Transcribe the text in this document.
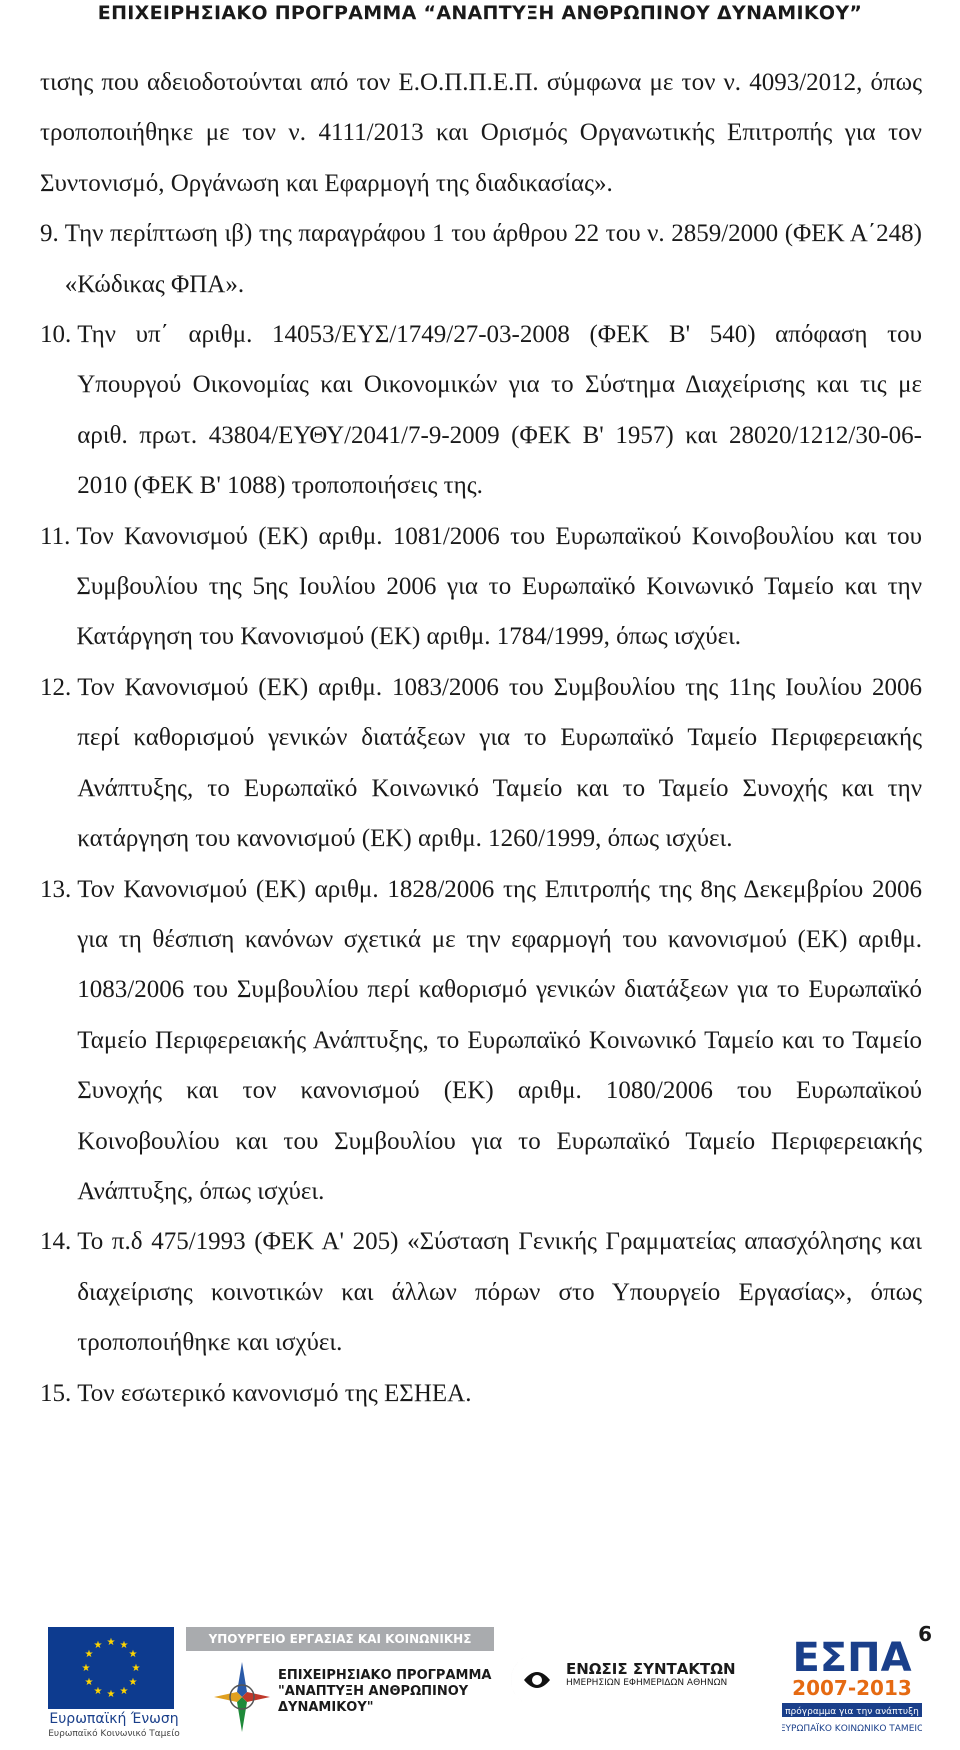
ΕΠΙΧΕΙΡΗΣΙΑΚΟ ΠΡΟΓΡΑΜΜΑ “ΑΝΑΠΤΥΞΗ ΑΝΘΡΩΠΙΝΟΥ ΔΥΝΑΜΙΚΟΥ”

τισης που αδειοδοτούνται από τον Ε.Ο.Π.Π.Ε.Π. σύμφωνα με τον ν. 4093/2012, όπως τροποποιήθηκε με τον ν. 4111/2013 και Ορισμός Οργανωτικής Επιτροπής για τον Συντονισμό, Οργάνωση και Εφαρμογή της διαδικασίας».

9. Την περίπτωση ιβ) της παραγράφου 1 του άρθρου 22 του ν. 2859/2000 (ΦΕΚ Α΄248) «Κώδικας ΦΠΑ».
10. Την υπ΄ αριθμ. 14053/ΕΥΣ/1749/27-03-2008 (ΦΕΚ Β' 540) απόφαση του Υπουργού Οικονομίας και Οικονομικών για το Σύστημα Διαχείρισης και τις με αριθ. πρωτ. 43804/ΕΥΘΥ/2041/7-9-2009 (ΦΕΚ Β' 1957) και 28020/1212/30-06-2010 (ΦΕΚ Β' 1088) τροποποιήσεις της.
11. Τον Κανονισμού (ΕΚ) αριθμ. 1081/2006 του Ευρωπαϊκού Κοινοβουλίου και του Συμβουλίου της 5ης Ιουλίου 2006 για το Ευρωπαϊκό Κοινωνικό Ταμείο και την Κατάργηση του Κανονισμού (ΕΚ) αριθμ. 1784/1999, όπως ισχύει.
12. Τον Κανονισμού (ΕΚ) αριθμ. 1083/2006 του Συμβουλίου της 11ης Ιουλίου 2006 περί καθορισμού γενικών διατάξεων για το Ευρωπαϊκό Ταμείο Περιφερειακής Ανάπτυξης, το Ευρωπαϊκό Κοινωνικό Ταμείο και το Ταμείο Συνοχής και την κατάργηση του κανονισμού (ΕΚ) αριθμ. 1260/1999, όπως ισχύει.
13. Τον Κανονισμού (ΕΚ) αριθμ. 1828/2006 της Επιτροπής της 8ης Δεκεμβρίου 2006 για τη θέσπιση κανόνων σχετικά με την εφαρμογή του κανονισμού (ΕΚ) αριθμ. 1083/2006 του Συμβουλίου περί καθορισμό γενικών διατάξεων για το Ευρωπαϊκό Ταμείο Περιφερειακής Ανάπτυξης, το Ευρωπαϊκό Κοινωνικό Ταμείο και το Ταμείο Συνοχής και τον κανονισμού (ΕΚ) αριθμ. 1080/2006 του Ευρωπαϊκού Κοινοβουλίου και του Συμβουλίου για το Ευρωπαϊκό Ταμείο Περιφερειακής Ανάπτυξης, όπως ισχύει.
14. Το π.δ 475/1993 (ΦΕΚ Α' 205) «Σύσταση Γενικής Γραμματείας απασχόλησης και διαχείρισης κοινοτικών και άλλων πόρων στο Υπουργείο Εργασίας», όπως τροποποιήθηκε και ισχύει.
15. Τον εσωτερικό κανονισμό της ΕΣΗΕΑ.
6
★ ★
★
★
★
★
★
★
★
★
★
★
Ευρωπαϊκή Ένωση
Ευρωπαϊκό Κοινωνικό Ταμείο
ΥΠΟΥΡΓΕΙΟ ΕΡΓΑΣΙΑΣ ΚΑΙ ΚΟΙΝΩΝΙΚΗΣ ΑΣΦΑΛΙΣΗΣ
ΕΠΙΧΕΙΡΗΣΙΑΚΟ ΠΡΟΓΡΑΜΜΑ
"ΑΝΑΠΤΥΞΗ ΑΝΘΡΩΠΙΝΟΥ ΔΥΝΑΜΙΚΟΥ"
ΕΝΩΣΙΣ ΣΥΝΤΑΚΤΩΝ
ΗΜΕΡΗΣΙΩΝ ΕΦΗΜΕΡΙΔΩΝ ΑΘΗΝΩΝ
ΕΣΠΑ
2007-2013
πρόγραμμα για την ανάπτυξη
ΕΥΡΩΠΑΪΚΟ ΚΟΙΝΩΝΙΚΟ ΤΑΜΕΙΟ
